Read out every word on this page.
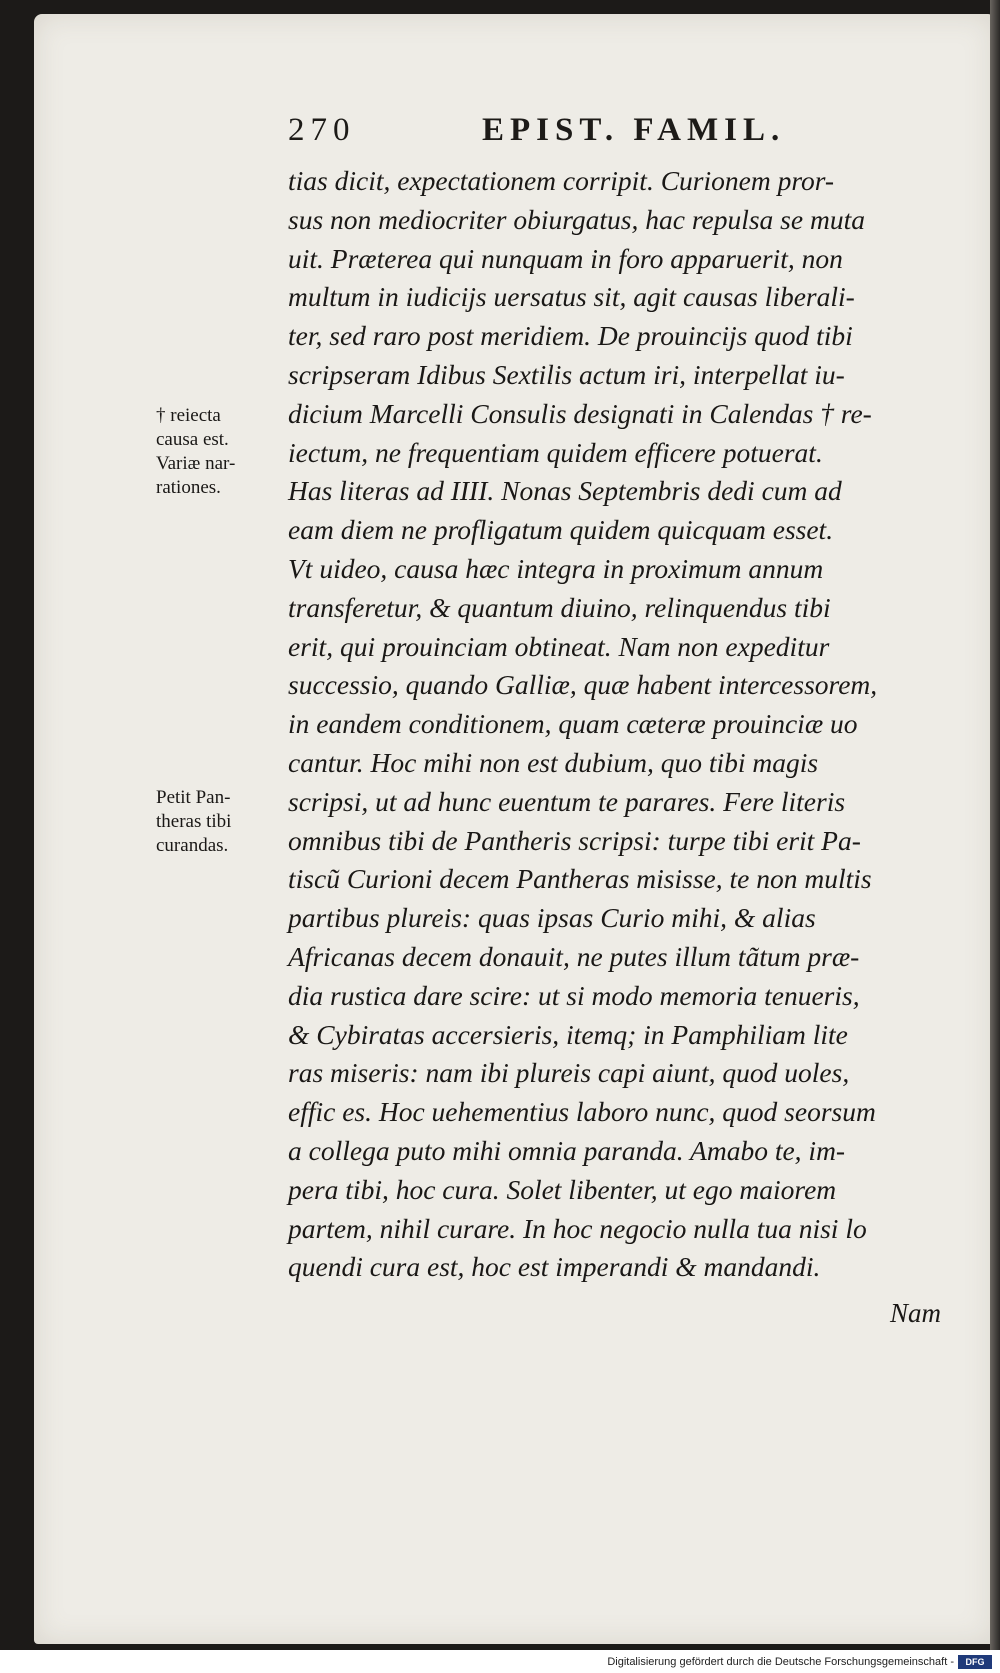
270	EPIST. FAMIL.
tias dicit, expectationem corripit. Curionem pror-
sus non mediocriter obiurgatus, hac repulsa se muta
uit. Præterea qui nunquam in foro apparuerit, non
multum in iudicijs uersatus sit, agit causas liberali-
ter, sed raro post meridiem. De prouincijs quod tibi
scripseram Idibus Sextilis actum iri, interpellat iu-
dicium Marcelli Consulis designati in Calendas † re-
iectum, ne frequentiam quidem efficere potuerat.
Has literas ad IIII. Nonas Septembris dedi cum ad
eam diem ne profligatum quidem quicquam esset.
Vt uideo, causa hæc integra in proximum annum
transferetur, & quantum diuino, relinquendus tibi
erit, qui prouinciam obtineat. Nam non expeditur
successio, quando Galliæ, quæ habent intercessorem,
in eandem conditionem, quam cæteræ prouinciæ uo
cantur. Hoc mihi non est dubium, quo tibi magis
scripsi, ut ad hunc euentum te parares. Fere literis
omnibus tibi de Pantheris scripsi: turpe tibi erit Pa-
tiscũ Curioni decem Pantheras misisse, te non multis
partibus plureis: quas ipsas Curio mihi, & alias
Africanas decem donauit, ne putes illum tãtum præ-
dia rustica dare scire: ut si modo memoria tenueris,
& Cybiratas accersieris, itemq; in Pamphiliam lite
ras miseris: nam ibi plureis capi aiunt, quod uoles,
effic es. Hoc uehementius laboro nunc, quod seorsum
a collega puto mihi omnia paranda. Amabo te, im-
pera tibi, hoc cura. Solet libenter, ut ego maiorem
partem, nihil curare. In hoc negocio nulla tua nisi lo
quendi cura est, hoc est imperandi & mandandi.
Nam
† reiecta
causa est.
Variæ nar-
rationes.
Petit Pan-
theras tibi
curandas.
Digitalisierung gefördert durch die Deutsche Forschungsgemeinschaft -	DFG
